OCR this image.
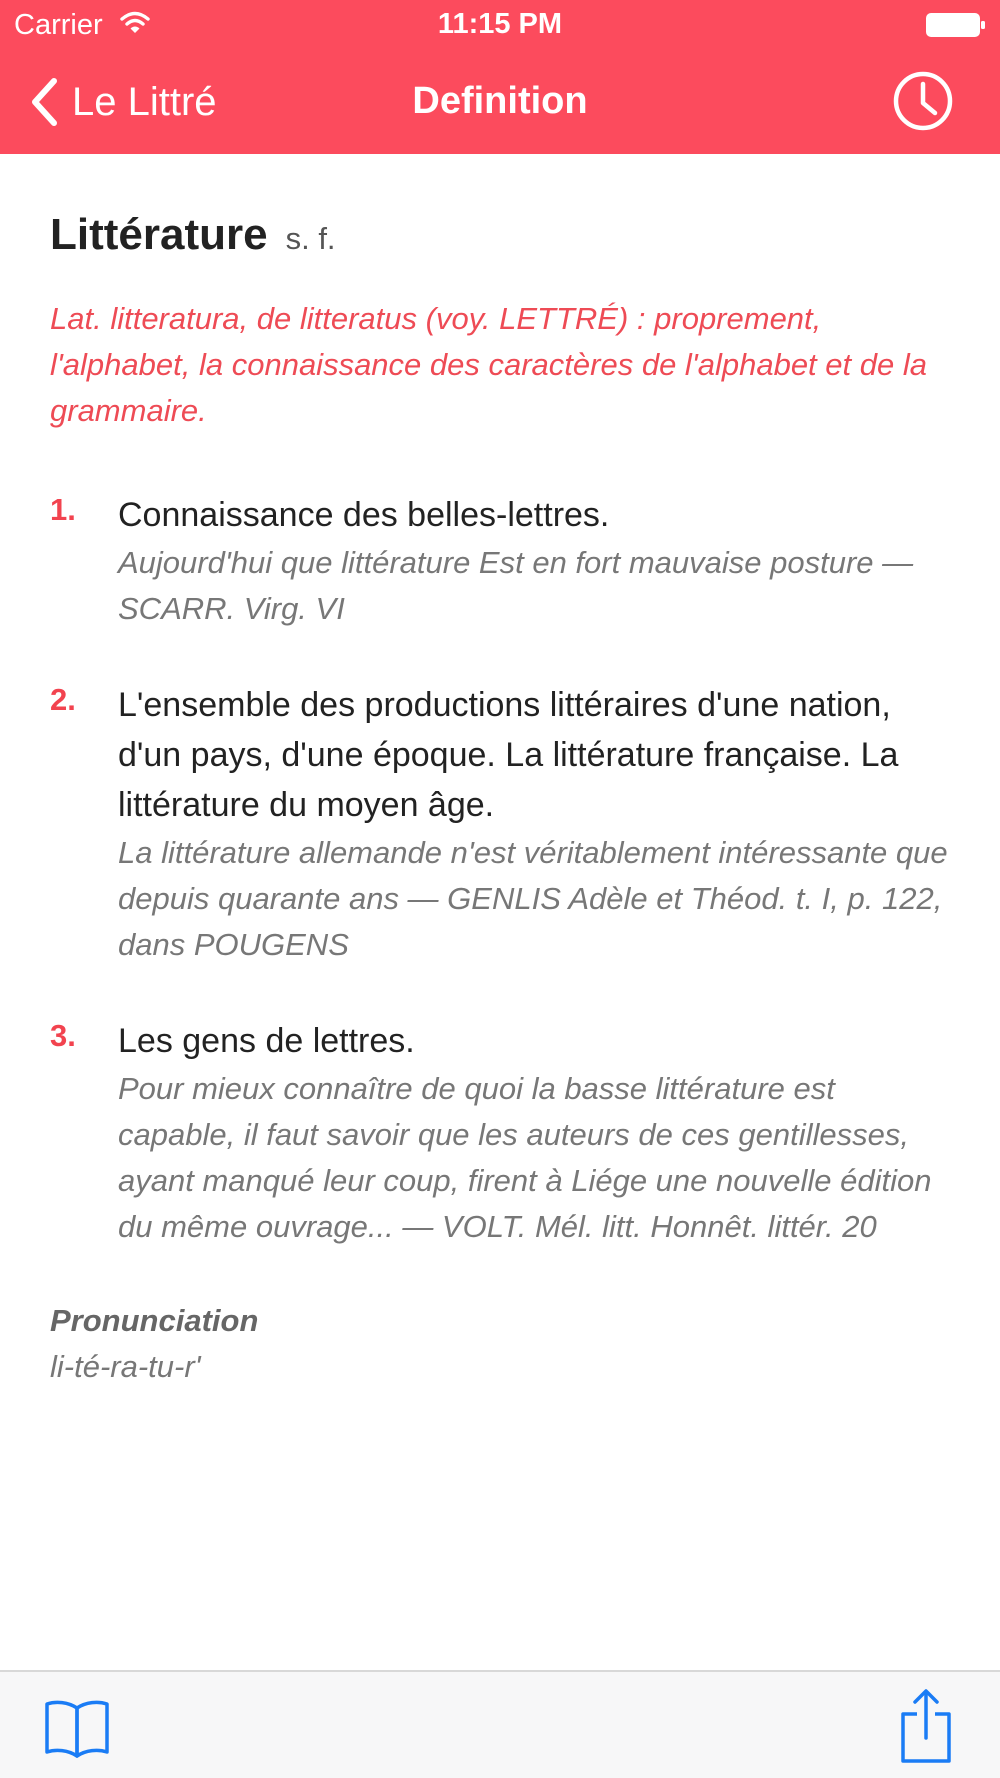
Carrier	11:15 PM
Le Littré	Definition
Littérature s. f.
Lat. litteratura, de litteratus (voy. LETTRÉ) : proprement, l'alphabet, la connaissance des caractères de l'alphabet et de la grammaire.
1. Connaissance des belles-lettres.
Aujourd'hui que littérature Est en fort mauvaise posture — SCARR. Virg. VI
2. L'ensemble des productions littéraires d'une nation, d'un pays, d'une époque. La littérature française. La littérature du moyen âge.
La littérature allemande n'est véritablement intéressante que depuis quarante ans — GENLIS Adèle et Théod. t. I, p. 122, dans POUGENS
3. Les gens de lettres.
Pour mieux connaître de quoi la basse littérature est capable, il faut savoir que les auteurs de ces gentillesses, ayant manqué leur coup, firent à Liége une nouvelle édition du même ouvrage... — VOLT. Mél. litt. Honnêt. littér. 20
Pronunciation
li-té-ra-tu-r'
